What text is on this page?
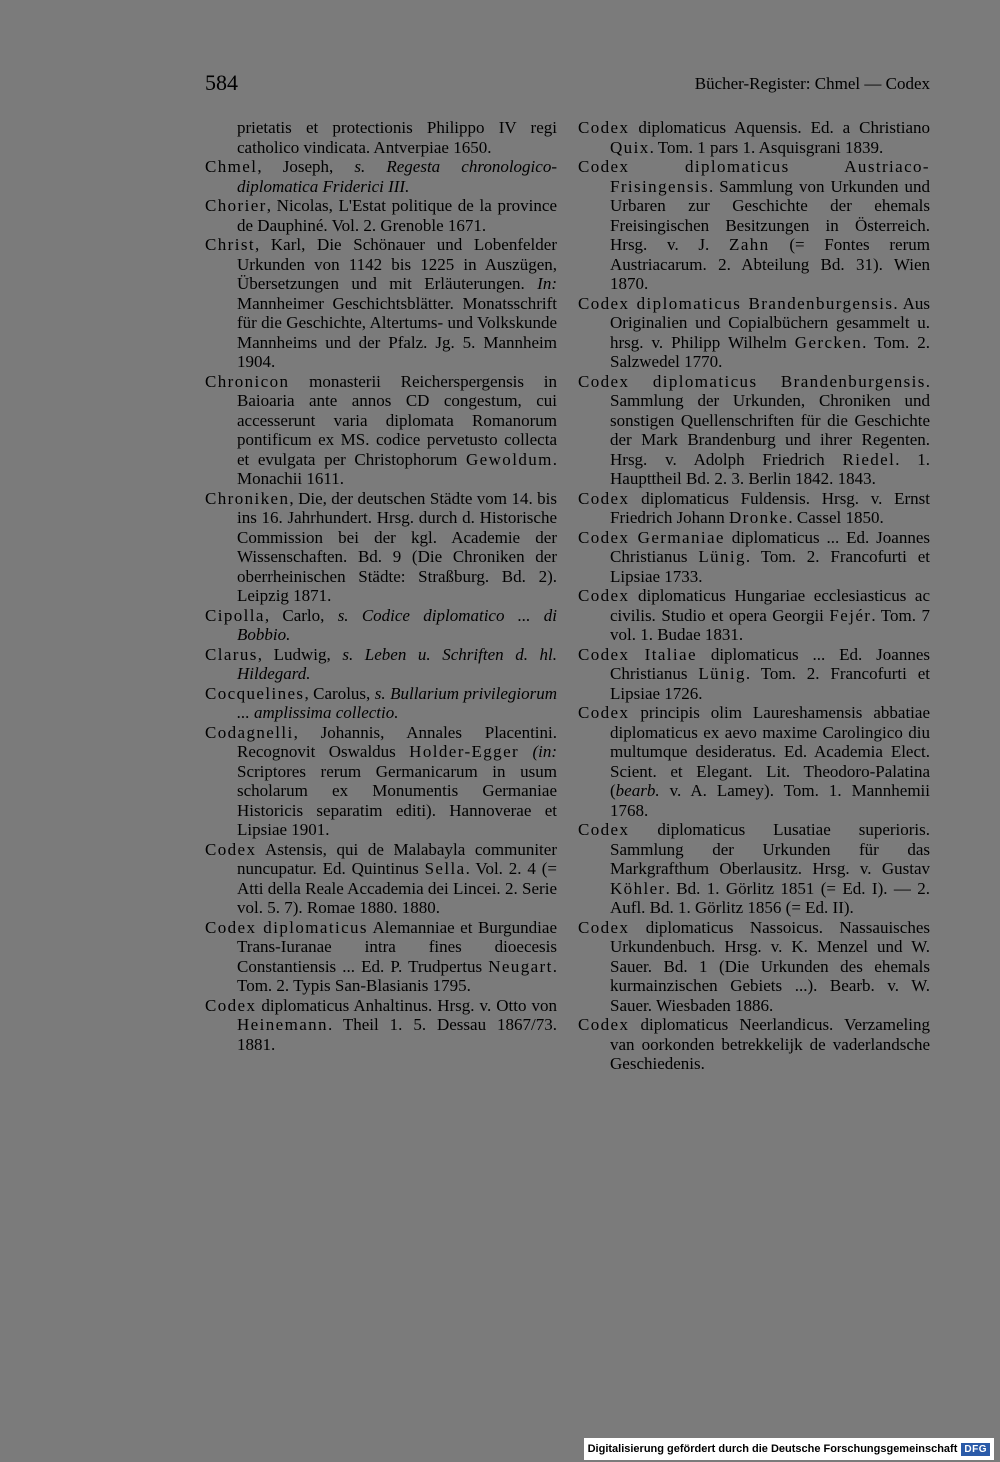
584	Bücher-Register: Chmel — Codex

prietatis et protectionis Philippo IV regi catholico vindicata. Antverpiae 1650.

Chmel, Joseph, s. Regesta chronologico-diplomatica Friderici III.

Chorier, Nicolas, L'Estat politique de la province de Dauphiné. Vol. 2. Grenoble 1671.

Christ, Karl, Die Schönauer und Lobenfelder Urkunden von 1142 bis 1225 in Auszügen, Übersetzungen und mit Erläuterungen. In: Mannheimer Geschichtsblätter. Monatsschrift für die Geschichte, Altertums- und Volkskunde Mannheims und der Pfalz. Jg. 5. Mannheim 1904.

Chronicon monasterii Reicherspergensis in Baioaria ante annos CD congestum, cui accesserunt varia diplomata Romanorum pontificum ex MS. codice pervetusto collecta et evulgata per Christophorum Gewoldum. Monachii 1611.

Chroniken, Die, der deutschen Städte vom 14. bis ins 16. Jahrhundert. Hrsg. durch d. Historische Commission bei der kgl. Academie der Wissenschaften. Bd. 9 (Die Chroniken der oberrheinischen Städte: Straßburg. Bd. 2). Leipzig 1871.

Cipolla, Carlo, s. Codice diplomatico ... di Bobbio.

Clarus, Ludwig, s. Leben u. Schriften d. hl. Hildegard.

Cocquelines, Carolus, s. Bullarium privilegiorum ... amplissima collectio.

Codagnelli, Johannis, Annales Placentini. Recognovit Oswaldus Holder-Egger (in: Scriptores rerum Germanicarum in usum scholarum ex Monumentis Germaniae Historicis separatim editi). Hannoverae et Lipsiae 1901.

Codex Astensis, qui de Malabayla communiter nuncupatur. Ed. Quintinus Sella. Vol. 2. 4 (= Atti della Reale Accademia dei Lincei. 2. Serie vol. 5. 7). Romae 1880. 1880.

Codex diplomaticus Alemanniae et Burgundiae Trans-Iuranae intra fines dioecesis Constantiensis ... Ed. P. Trudpertus Neugart. Tom. 2. Typis San-Blasianis 1795.

Codex diplomaticus Anhaltinus. Hrsg. v. Otto von Heinemann. Theil 1. 5. Dessau 1867/73. 1881.

Codex diplomaticus Aquensis. Ed. a Christiano Quix. Tom. 1 pars 1. Asquisgrani 1839.

Codex diplomaticus Austriaco-Frisingensis. Sammlung von Urkunden und Urbaren zur Geschichte der ehemals Freisingischen Besitzungen in Österreich. Hrsg. v. J. Zahn (= Fontes rerum Austriacarum. 2. Abteilung Bd. 31). Wien 1870.

Codex diplomaticus Brandenburgensis. Aus Originalien und Copialbüchern gesammelt u. hrsg. v. Philipp Wilhelm Gercken. Tom. 2. Salzwedel 1770.

Codex diplomaticus Brandenburgensis. Sammlung der Urkunden, Chroniken und sonstigen Quellenschriften für die Geschichte der Mark Brandenburg und ihrer Regenten. Hrsg. v. Adolph Friedrich Riedel. 1. Haupttheil Bd. 2. 3. Berlin 1842. 1843.

Codex diplomaticus Fuldensis. Hrsg. v. Ernst Friedrich Johann Dronke. Cassel 1850.

Codex Germaniae diplomaticus ... Ed. Joannes Christianus Lünig. Tom. 2. Francofurti et Lipsiae 1733.

Codex diplomaticus Hungariae ecclesiasticus ac civilis. Studio et opera Georgii Fejér. Tom. 7 vol. 1. Budae 1831.

Codex Italiae diplomaticus ... Ed. Joannes Christianus Lünig. Tom. 2. Francofurti et Lipsiae 1726.

Codex principis olim Laureshamensis abbatiae diplomaticus ex aevo maxime Carolingico diu multumque desideratus. Ed. Academia Elect. Scient. et Elegant. Lit. Theodoro-Palatina (bearb. v. A. Lamey). Tom. 1. Mannhemii 1768.

Codex diplomaticus Lusatiae superioris. Sammlung der Urkunden für das Markgrafthum Oberlausitz. Hrsg. v. Gustav Köhler. Bd. 1. Görlitz 1851 (= Ed. I). — 2. Aufl. Bd. 1. Görlitz 1856 (= Ed. II).

Codex diplomaticus Nassoicus. Nassauisches Urkundenbuch. Hrsg. v. K. Menzel und W. Sauer. Bd. 1 (Die Urkunden des ehemals kurmainzischen Gebiets ...). Bearb. v. W. Sauer. Wiesbaden 1886.

Codex diplomaticus Neerlandicus. Verzameling van oorkonden betrekkelijk de vaderlandsche Geschiedenis.

Digitalisierung gefördert durch die Deutsche Forschungsgemeinschaft DFG
